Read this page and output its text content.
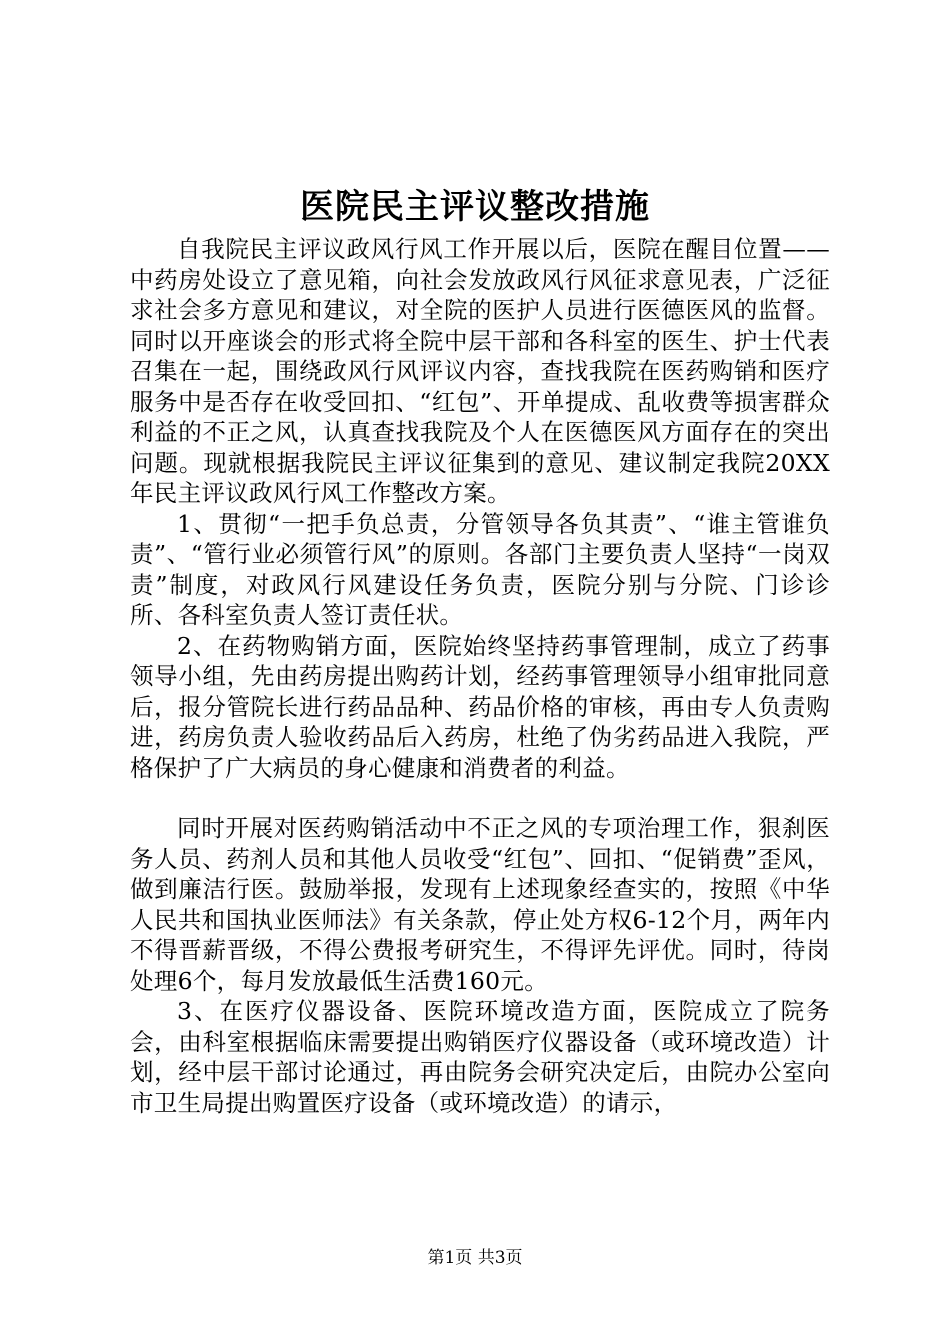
医院民主评议整改措施

自我院民主评议政风行风工作开展以后，医院在醒目位置——中药房处设立了意见箱，向社会发放政风行风征求意见表，广泛征求社会多方意见和建议，对全院的医护人员进行医德医风的监督。同时以开座谈会的形式将全院中层干部和各科室的医生、护士代表召集在一起，围绕政风行风评议内容，查找我院在医药购销和医疗服务中是否存在收受回扣、“红包”、开单提成、乱收费等损害群众利益的不正之风，认真查找我院及个人在医德医风方面存在的突出问题。现就根据我院民主评议征集到的意见、建议制定我院20XX年民主评议政风行风工作整改方案。

1、贯彻“一把手负总责，分管领导各负其责”、“谁主管谁负责”、“管行业必须管行风”的原则。各部门主要负责人坚持“一岗双责”制度，对政风行风建设任务负责，医院分别与分院、门诊诊所、各科室负责人签订责任状。

2、在药物购销方面，医院始终坚持药事管理制，成立了药事领导小组，先由药房提出购药计划，经药事管理领导小组审批同意后，报分管院长进行药品品种、药品价格的审核，再由专人负责购进，药房负责人验收药品后入药房，杜绝了伪劣药品进入我院，严格保护了广大病员的身心健康和消费者的利益。

同时开展对医药购销活动中不正之风的专项治理工作，狠刹医务人员、药剂人员和其他人员收受“红包”、回扣、“促销费”歪风，做到廉洁行医。鼓励举报，发现有上述现象经查实的，按照《中华人民共和国执业医师法》有关条款，停止处方权6-12个月，两年内不得晋薪晋级，不得公费报考研究生，不得评先评优。同时，待岗处理6个，每月发放最低生活费160元。

3、在医疗仪器设备、医院环境改造方面，医院成立了院务会，由科室根据临床需要提出购销医疗仪器设备（或环境改造）计划，经中层干部讨论通过，再由院务会研究决定后，由院办公室向市卫生局提出购置医疗设备（或环境改造）的请示，

第1页 共3页
